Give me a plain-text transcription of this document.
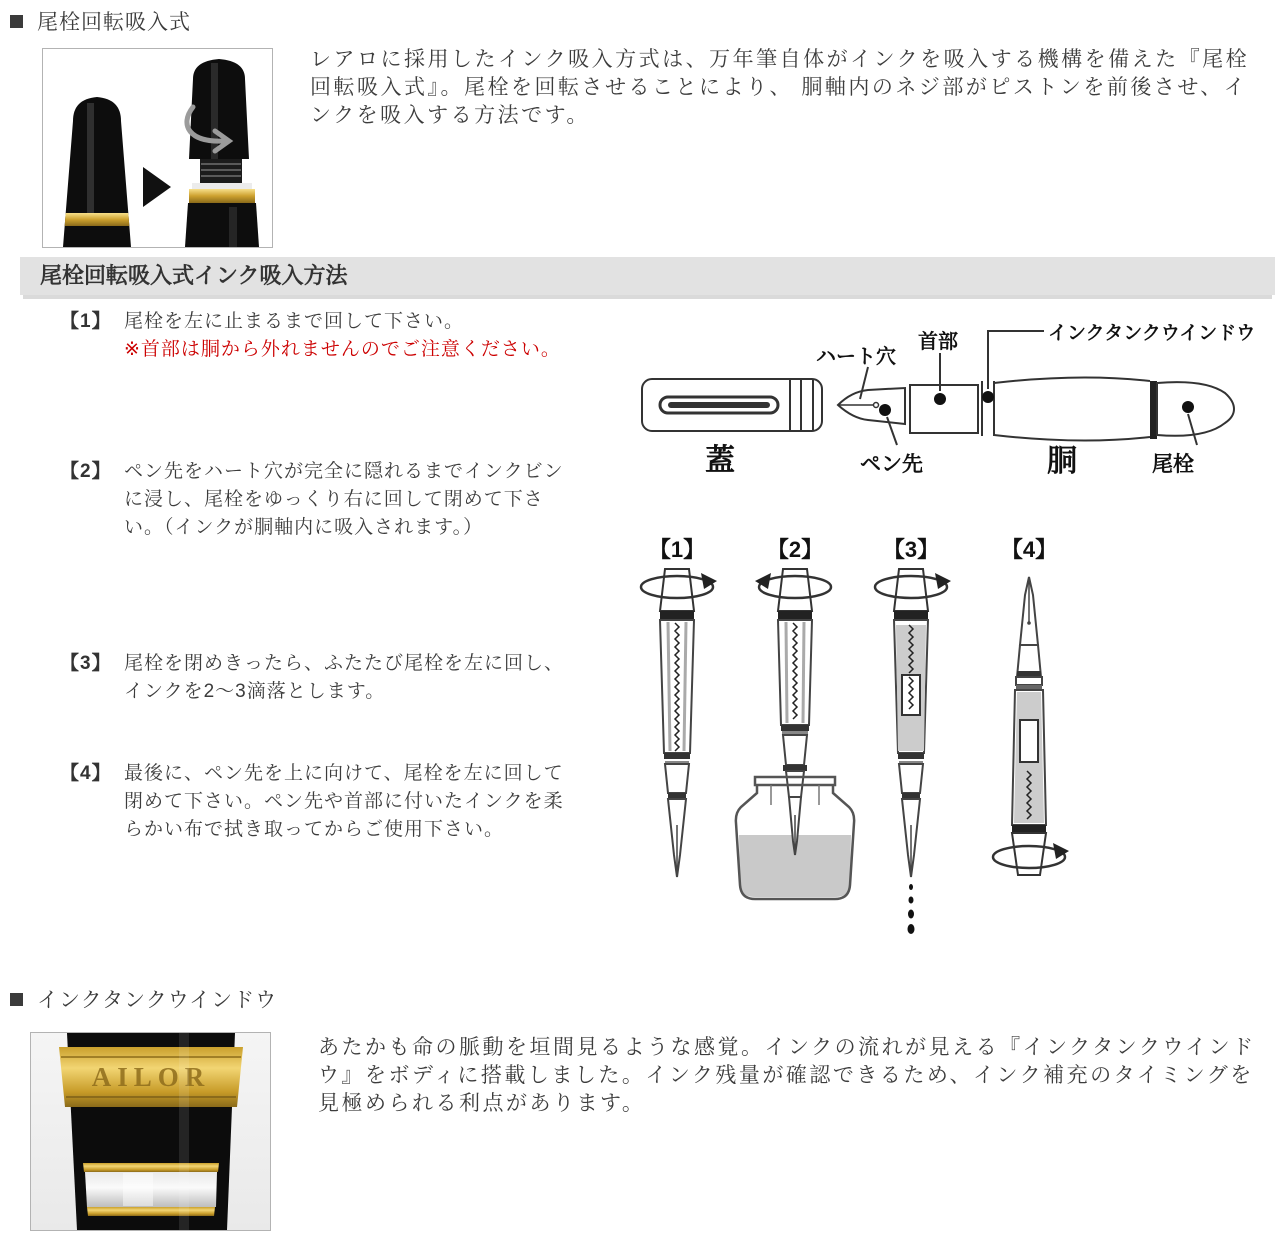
尾栓回転吸入式

レアロに採用したインク吸入方式は、万年筆自体がインクを吸入する機構を備えた『尾栓回転吸入式』。尾栓を回転させることにより、 胴軸内のネジ部がピストンを前後させ、インクを吸入する方法です。

尾栓回転吸入式インク吸入方法
【1】 尾栓を左に止まるまで回して下さい。
※首部は胴から外れませんのでご注意ください。
【2】 ペン先をハート穴が完全に隠れるまでインクビンに浸し、尾栓をゆっくり右に回して閉めて下さい。（インクが胴軸内に吸入されます。）
【3】 尾栓を閉めきったら、ふたたび尾栓を左に回し、インクを2～3滴落とします。
【4】 最後に、ペン先を上に向けて、尾栓を左に回して閉めて下さい。ペン先や首部に付いたインクを柔らかい布で拭き取ってからご使用下さい。
ハート穴
首部	インクタンクウインドウ
蓋	ペン先	胴	尾栓
【1】	【2】	【3】	【4】
インクタンクウインドウ
AILOR

あたかも命の脈動を垣間見るような感覚。インクの流れが見える『インクタンクウインドウ』をボディに搭載しました。インク残量が確認できるため、インク補充のタイミングを見極められる利点があります。
